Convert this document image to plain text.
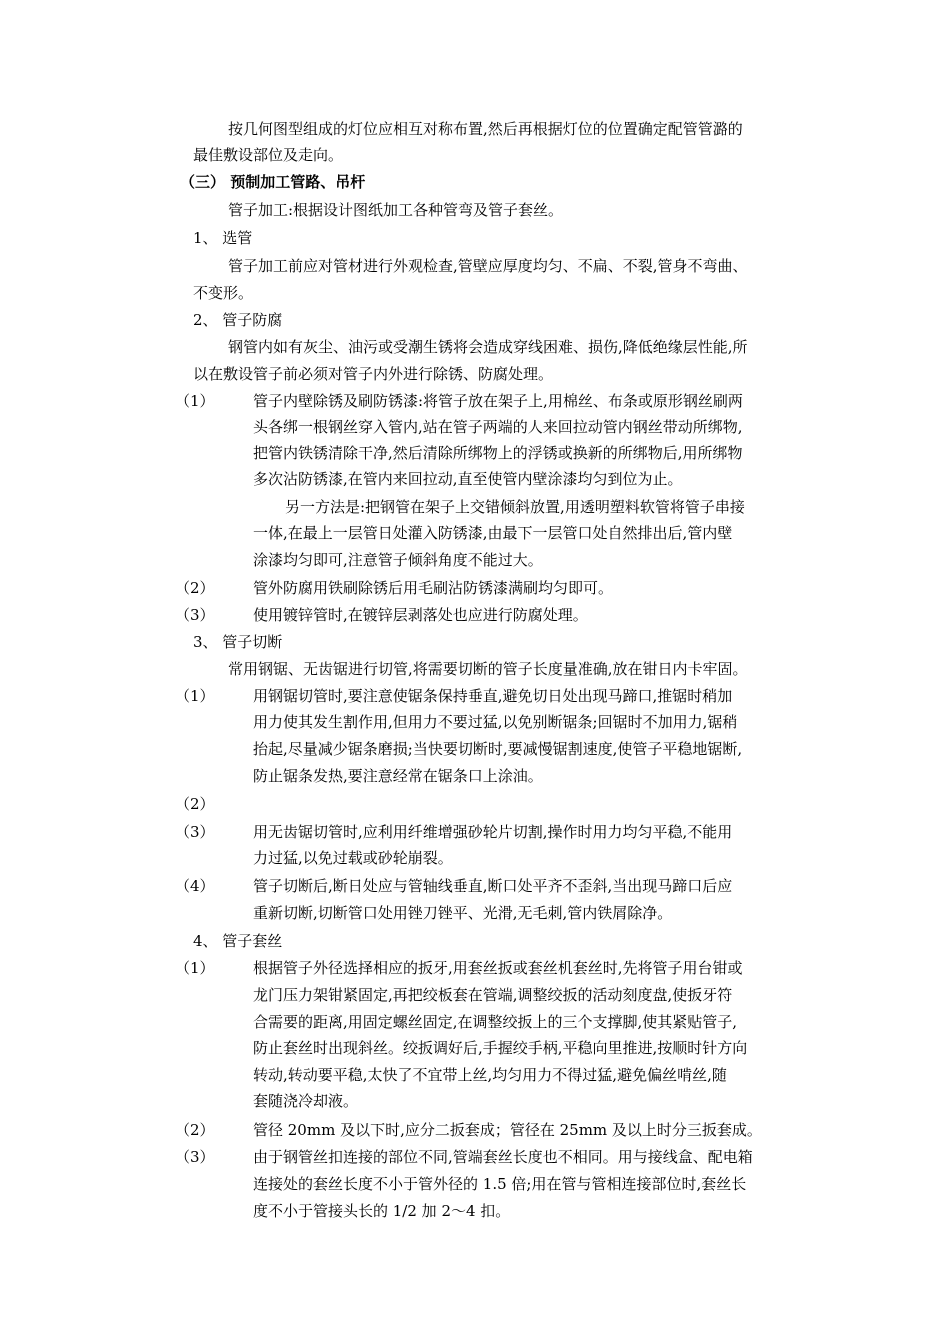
按几何图型组成的灯位应相互对称布置,然后再根据灯位的位置确定配管管潞的
最佳敷设部位及走向。
（三） 预制加工管路、吊杆
管子加工:根据设计图纸加工各种管弯及管子套丝。
1、 选管
管子加工前应对管材进行外观检查,管壁应厚度均匀、不扁、不裂,管身不弯曲、
不变形。
2、 管子防腐
钢管内如有灰尘、油污或受潮生锈将会造成穿线困难、损伤,降低绝缘层性能,所
以在敷设管子前必须对管子内外进行除锈、防腐处理。
（1）	管子内壁除锈及刷防锈漆:将管子放在架子上,用棉丝、布条或原形钢丝刷两
头各绑一根钢丝穿入管内,站在管子两端的人来回拉动管内钢丝带动所绑物,
把管内铁锈清除干净,然后清除所绑物上的浮锈或换新的所绑物后,用所绑物
多次沾防锈漆,在管内来回拉动,直至使管内壁涂漆均匀到位为止。
另一方法是:把钢管在架子上交错倾斜放置,用透明塑料软管将管子串接
一体,在最上一层管日处灌入防锈漆,由最下一层管口处自然排出后,管内壁
涂漆均匀即可,注意管子倾斜角度不能过大。
（2）	管外防腐用铁刷除锈后用毛刷沾防锈漆满刷均匀即可。
（3）	使用镀锌管时,在镀锌层剥落处也应进行防腐处理。
3、 管子切断
常用钢锯、无齿锯进行切管,将需要切断的管子长度量准确,放在钳日内卡牢固。
（1）	用钢锯切管时,要注意使锯条保持垂直,避免切日处出现马蹄口,推锯时稍加
用力使其发生割作用,但用力不要过猛,以免别断锯条;回锯时不加用力,锯稍
抬起,尽量减少锯条磨损;当快要切断时,要减慢锯割速度,使管子平稳地锯断,
防止锯条发热,要注意经常在锯条口上涂油。
（2）
（3）	用无齿锯切管时,应利用纤维增强砂轮片切割,操作时用力均匀平稳,不能用
力过猛,以免过载或砂轮崩裂。
（4）	管子切断后,断日处应与管轴线垂直,断口处平齐不歪斜,当出现马蹄口后应
重新切断,切断管口处用锉刀锉平、光滑,无毛刺,管内铁屑除净。
4、 管子套丝
（1）	根据管子外径选择相应的扳牙,用套丝扳或套丝机套丝时,先将管子用台钳或
龙门压力架钳紧固定,再把绞板套在管端,调整绞扳的活动刻度盘,使扳牙符
合需要的距离,用固定螺丝固定,在调整绞扳上的三个支撑脚,使其紧贴管子,
防止套丝时出现斜丝。绞扳调好后,手握绞手柄,平稳向里推进,按顺时针方向
转动,转动要平稳,太快了不宜带上丝,均匀用力不得过猛,避免偏丝啃丝,随
套随浇冷却液。
（2）	管径 20mm 及以下时,应分二扳套成；管径在 25mm 及以上时分三扳套成。
（3）	由于钢管丝扣连接的部位不同,管端套丝长度也不相同。用与接线盒、配电箱
连接处的套丝长度不小于管外径的 1.5 倍;用在管与管相连接部位时,套丝长
度不小于管接头长的 1/2 加 2～4 扣。
